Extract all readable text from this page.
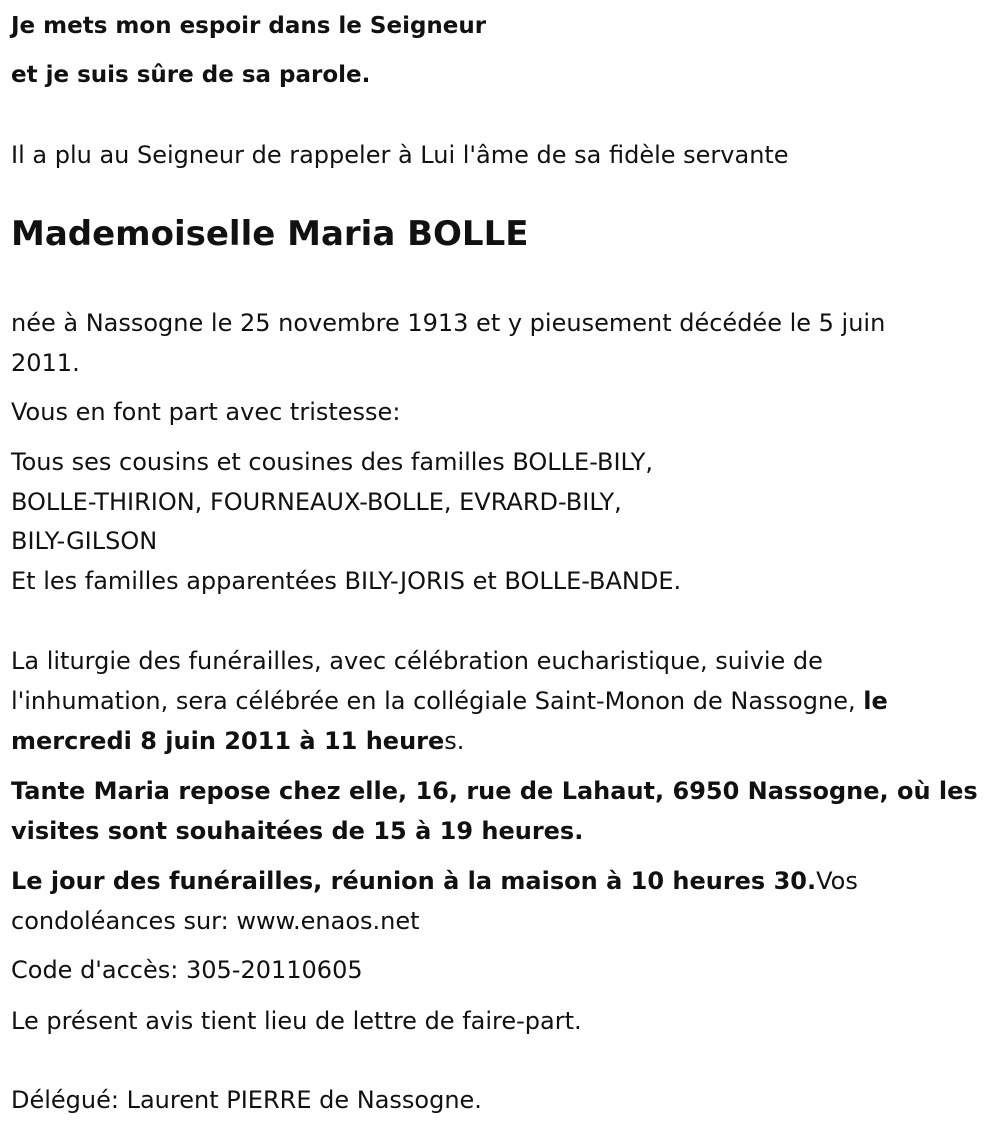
Je mets mon espoir dans le Seigneur
et je suis sûre de sa parole.
Il a plu au Seigneur de rappeler à Lui l'âme de sa fidèle servante
Mademoiselle Maria BOLLE
née à Nassogne le 25 novembre 1913 et y pieusement décédée le 5 juin
2011.
Vous en font part avec tristesse:
Tous ses cousins et cousines des familles BOLLE-BILY,
BOLLE-THIRION, FOURNEAUX-BOLLE, EVRARD-BILY,
BILY-GILSON
Et les familles apparentées BILY-JORIS et BOLLE-BANDE.
La liturgie des funérailles, avec célébration eucharistique, suivie de
l'inhumation, sera célébrée en la collégiale Saint-Monon de Nassogne, le
mercredi 8 juin 2011 à 11 heures.
Tante Maria repose chez elle, 16, rue de Lahaut, 6950 Nassogne, où les
visites sont souhaitées de 15 à 19 heures.
Le jour des funérailles, réunion à la maison à 10 heures 30.Vos
condoléances sur: www.enaos.net
Code d'accès: 305-20110605
Le présent avis tient lieu de lettre de faire-part.
Délégué: Laurent PIERRE de Nassogne.
